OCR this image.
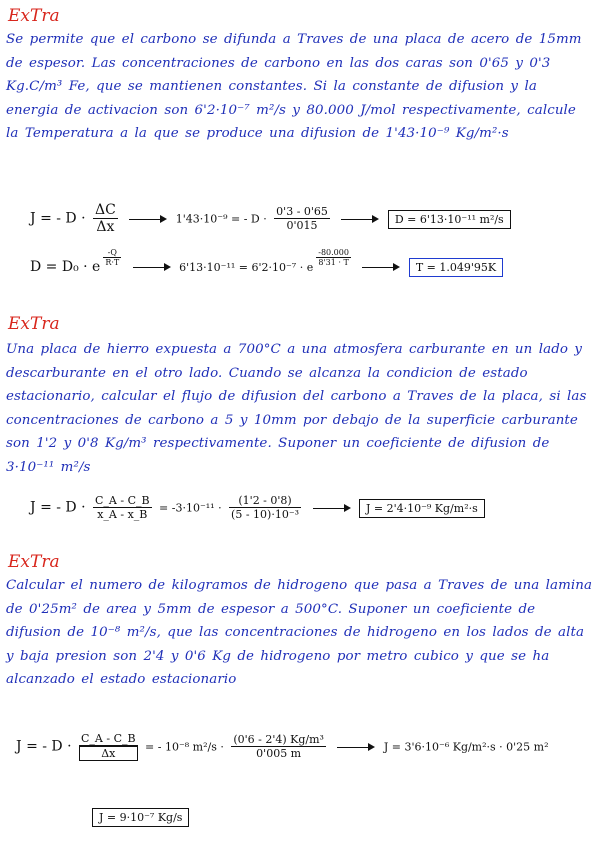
ExTra
Se permite que el carbono se difunda a Traves de una placa de acero de 15mm de espesor. Las concentraciones de carbono en las dos caras son 0'65 y 0'3 Kg.C/m³ Fe, que se mantienen constantes. Si la constante de difusion y la energia de activacion son 6'2·10⁻⁷ m²/s y 80.000 J/mol respectivamente, calcule la Temperatura a la que se produce una difusion de 1'43·10⁻⁹ Kg/m²·s
J = - $D \cdot \frac{\Delta C}{\Delta x}$	1'43·10⁻⁹ = - $D \cdot \frac{0'3 - 0'65}{0'015}$	D = 6'13·10⁻¹¹ m²/s
D = D₀ · e $\frac{-Q}{R\cdot T}$
6'13·10⁻¹¹ = 6'2·10⁻⁷ · e
$\frac{-80.000}{8'31 \cdot T}$
T = 1.049'95K
ExTra
Una placa de hierro expuesta a 700°C a una atmosfera carburante en un lado y descarburante en el otro lado. Cuando se alcanza la condicion de estado estacionario, calcular el flujo de difusion del carbono a Traves de la placa, si las concentraciones de carbono a 5 y 10mm por debajo de la superficie carburante son 1'2 y 0'8 Kg/m³ respectivamente. Suponer un coeficiente de difusion de 3·10⁻¹¹ m²/s
J = - $D \cdot \frac{C\_A - C\_B}{x\_A - x\_B} = -3\cdot 10^{-11} \cdot \frac{(1'2 - 0'8)}{\text{(5 - 10)·10⁻³}}$	J = 2'4·10⁻⁹ Kg/m²·s
ExTra
Calcular el numero de kilogramos de hidrogeno que pasa a Traves de una lamina de 0'25m² de area y 5mm de espesor a 500°C. Suponer un coeficiente de difusion de 10⁻⁸ m²/s, que las concentraciones de hidrogeno en los lados de alta y baja presion son 2'4 y 0'6 Kg de hidrogeno por metro cubico y que se ha alcanzado el estado estacionario
J = - $D \cdot \frac{C\_A - C\_B}{\Delta x}$ = - 10⁻⁸ $m^2/s \cdot \frac{\text{(0'6 - 2'4) Kg/m³}}{0'005 m}$	J = 3'6·10⁻⁶ Kg/m²·s · 0'25 m²
J = 9·10⁻⁷ Kg/s
